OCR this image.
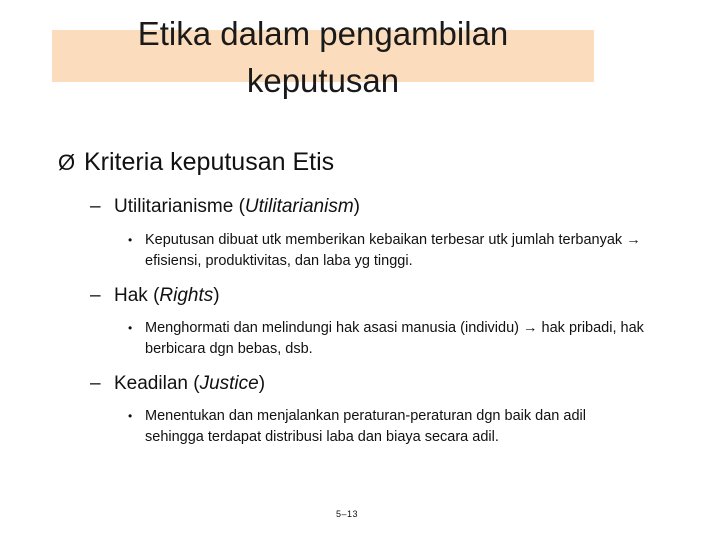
Etika dalam pengambilan
keputusan
Ø Kriteria keputusan Etis
– Utilitarianisme (Utilitarianism)
• Keputusan dibuat utk memberikan kebaikan terbesar utk jumlah terbanyak → efisiensi, produktivitas, dan laba yg tinggi.
– Hak (Rights)
• Menghormati dan melindungi hak asasi manusia (individu) → hak pribadi, hak berbicara dgn bebas, dsb.
– Keadilan (Justice)
• Menentukan dan menjalankan peraturan-peraturan dgn baik dan adil sehingga terdapat distribusi laba dan biaya secara adil.
5–13
